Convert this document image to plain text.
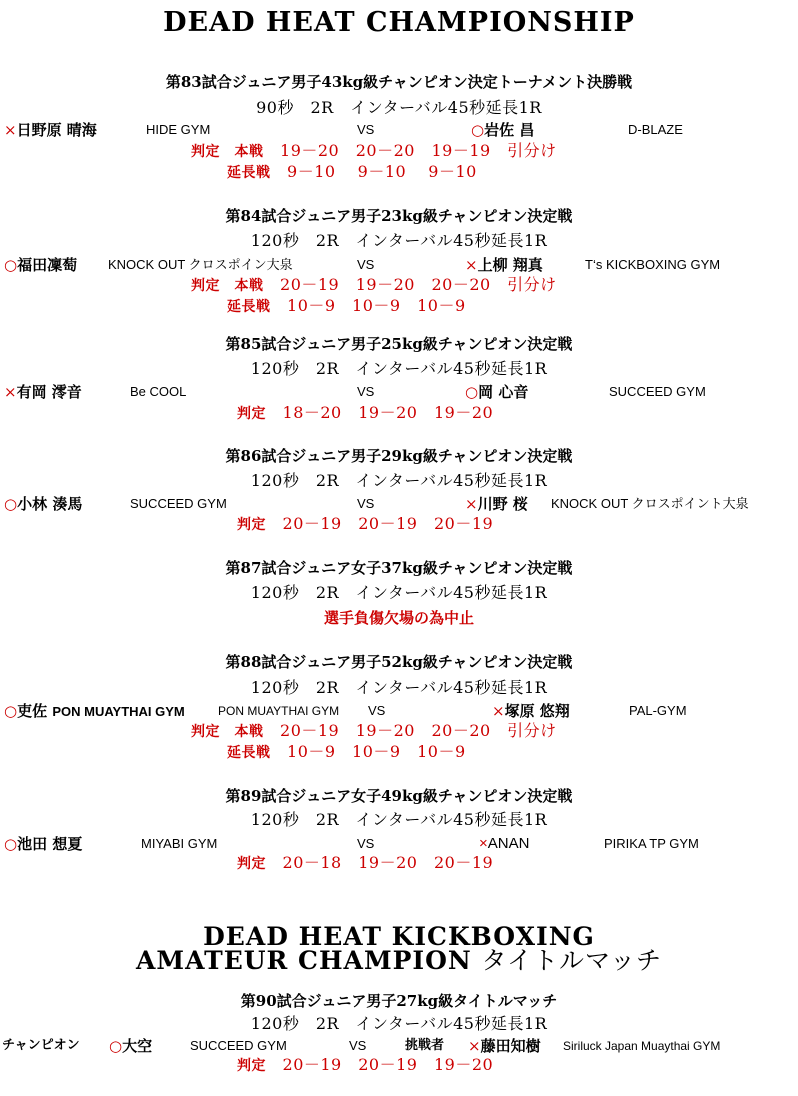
DEAD HEAT CHAMPIONSHIP
第83試合ジュニア男子43kg級チャンピオン決定トーナメント決勝戦
90秒　2R　インターバル45秒延長1R
×日野原 晴海	HIDE GYM	VS	○岩佐 昌	D-BLAZE
判定　本戦　 19－20　20－20　19－19　引分け
延長戦　 9－10　 9－10　 9－10
第84試合ジュニア男子23kg級チャンピオン決定戦
120秒　2R　インターバル45秒延長1R
○福田凜萄 KNOCK OUT クロスポイン大泉	VS	×上柳 翔真	T‘s KICKBOXING GYM
判定　本戦　 20－19　19－20　20－20　引分け
延長戦　 10－9　10－9　10－9
第85試合ジュニア男子25kg級チャンピオン決定戦
120秒　2R　インターバル45秒延長1R
×有岡 澪音	Be COOL	VS	○岡 心音	SUCCEED GYM
判定　 18－20　19－20　19－20
第86試合ジュニア男子29kg級チャンピオン決定戦
120秒　2R　インターバル45秒延長1R
○小林 湊馬	SUCCEED GYM	VS	×川野 桜 KNOCK OUT クロスポイント大泉
判定　 20－19　20－19　20－19
第87試合ジュニア女子37kg級チャンピオン決定戦
120秒　2R　インターバル45秒延長1R
選手負傷欠場の為中止
第88試合ジュニア男子52kg級チャンピオン決定戦
120秒　2R　インターバル45秒延長1R
○吏佐 PON MUAYTHAI GYM	PON MUAYTHAI GYM VS	×塚原 悠翔	PAL-GYM
判定　本戦　 20－19　19－20　20－20　引分け
延長戦　 10－9　10－9　10－9
第89試合ジュニア女子49kg級チャンピオン決定戦
120秒　2R　インターバル45秒延長1R
○池田 想夏	MIYABI GYM	VS	×ANAN	PIRIKA TP GYM
判定　 20－18　19－20　20－19
DEAD HEAT KICKBOXING
AMATEUR CHAMPION タイトルマッチ
第90試合ジュニア男子27kg級タイトルマッチ
120秒　2R　インターバル45秒延長1R
チャンピオン ○大空	SUCCEED GYM	VS	挑戦者 ×藤田知樹 Siriluck Japan Muaythai GYM
判定　 20－19　20－19　19－20
